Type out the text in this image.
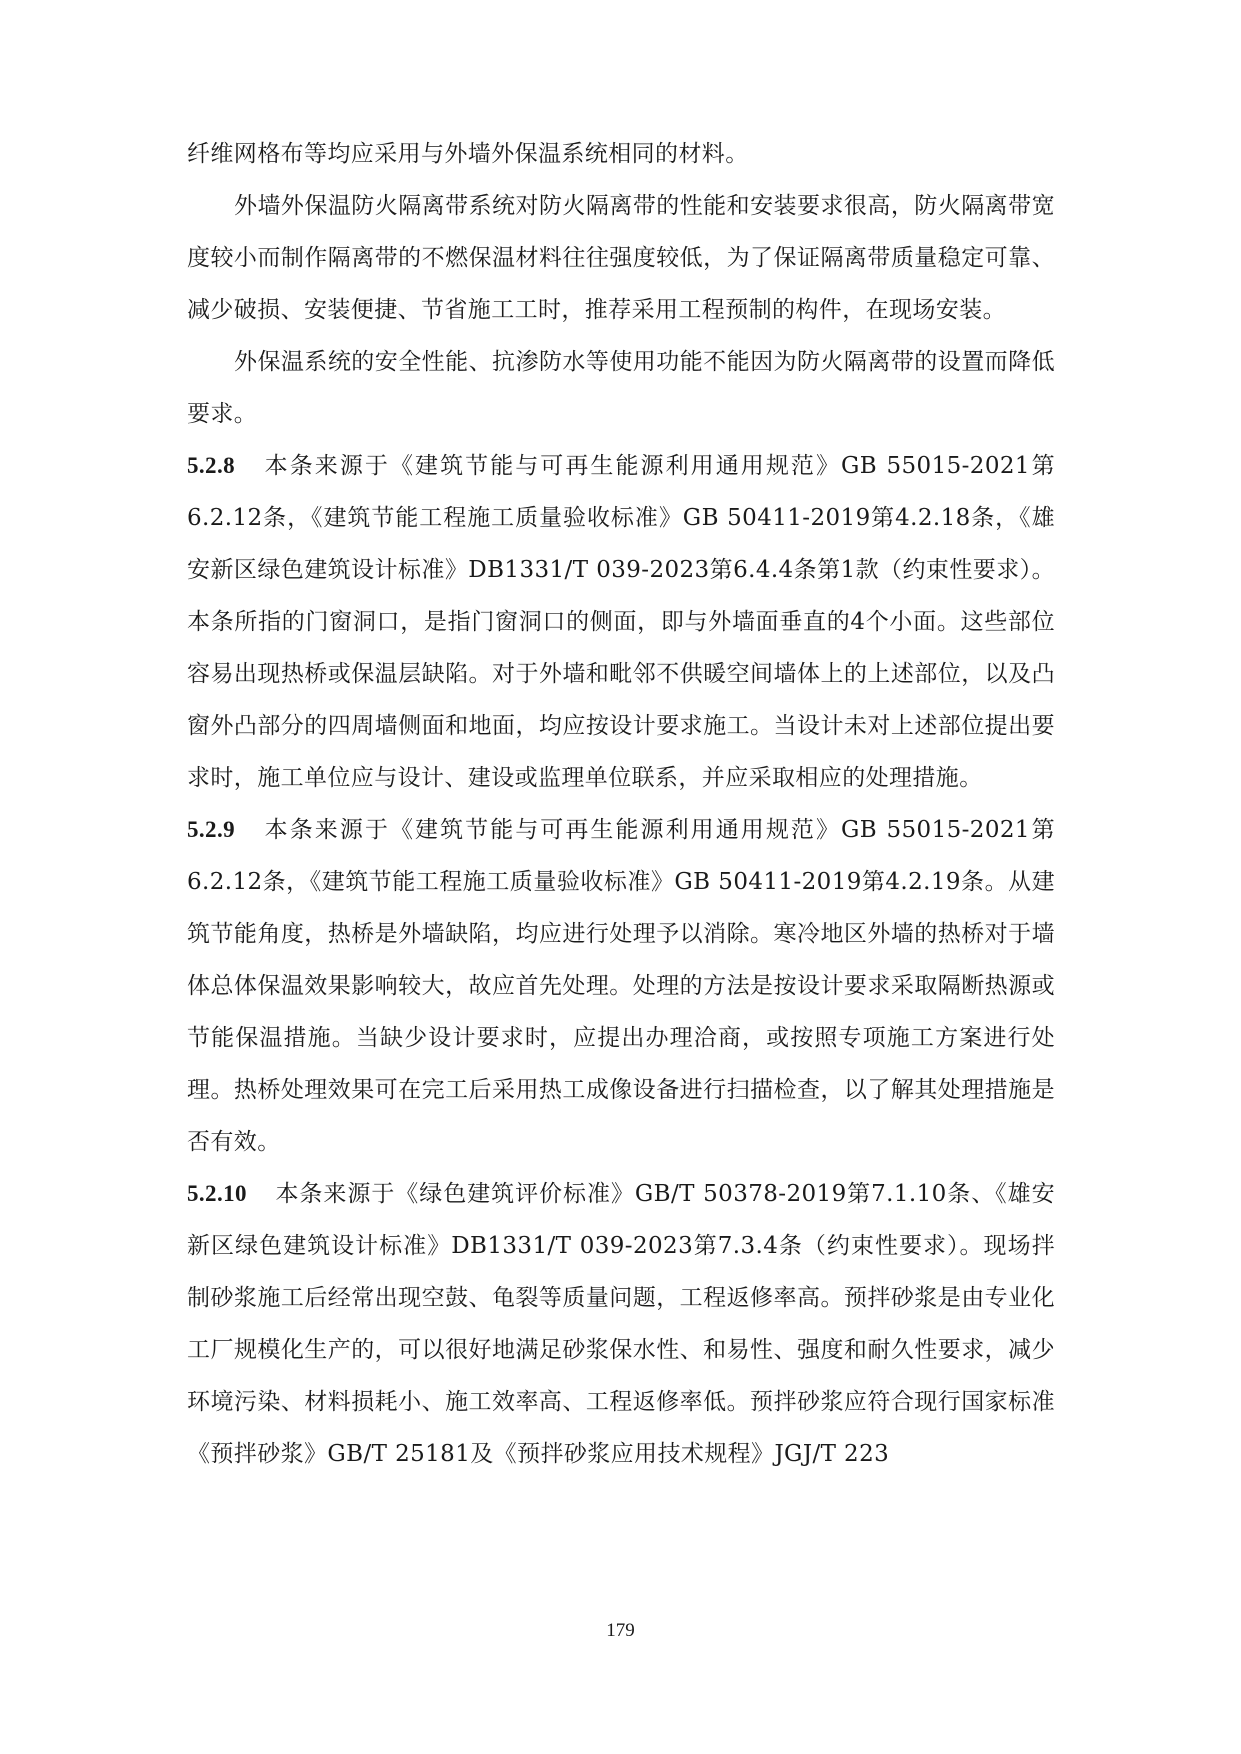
纤维网格布等均应采用与外墙外保温系统相同的材料。

外墙外保温防火隔离带系统对防火隔离带的性能和安装要求很高，防火隔离带宽度较小而制作隔离带的不燃保温材料往往强度较低，为了保证隔离带质量稳定可靠、减少破损、安装便捷、节省施工工时，推荐采用工程预制的构件，在现场安装。

外保温系统的安全性能、抗渗防水等使用功能不能因为防火隔离带的设置而降低要求。

5.2.8 本条来源于《建筑节能与可再生能源利用通用规范》GB 55015-2021第6.2.12条，《建筑节能工程施工质量验收标准》GB 50411-2019第4.2.18条，《雄安新区绿色建筑设计标准》DB1331/T 039-2023第6.4.4条第1款（约束性要求）。本条所指的门窗洞口，是指门窗洞口的侧面，即与外墙面垂直的4个小面。这些部位容易出现热桥或保温层缺陷。对于外墙和毗邻不供暖空间墙体上的上述部位，以及凸窗外凸部分的四周墙侧面和地面，均应按设计要求施工。当设计未对上述部位提出要求时，施工单位应与设计、建设或监理单位联系，并应采取相应的处理措施。

5.2.9 本条来源于《建筑节能与可再生能源利用通用规范》GB 55015-2021第6.2.12条，《建筑节能工程施工质量验收标准》GB 50411-2019第4.2.19条。从建筑节能角度，热桥是外墙缺陷，均应进行处理予以消除。寒冷地区外墙的热桥对于墙体总体保温效果影响较大，故应首先处理。处理的方法是按设计要求采取隔断热源或节能保温措施。当缺少设计要求时，应提出办理洽商，或按照专项施工方案进行处理。热桥处理效果可在完工后采用热工成像设备进行扫描检查，以了解其处理措施是否有效。

5.2.10 本条来源于《绿色建筑评价标准》GB/T 50378-2019第7.1.10条、《雄安新区绿色建筑设计标准》DB1331/T 039-2023第7.3.4条（约束性要求）。现场拌制砂浆施工后经常出现空鼓、龟裂等质量问题，工程返修率高。预拌砂浆是由专业化工厂规模化生产的，可以很好地满足砂浆保水性、和易性、强度和耐久性要求，减少环境污染、材料损耗小、施工效率高、工程返修率低。预拌砂浆应符合现行国家标准《预拌砂浆》GB/T 25181及《预拌砂浆应用技术规程》JGJ/T 223

179
